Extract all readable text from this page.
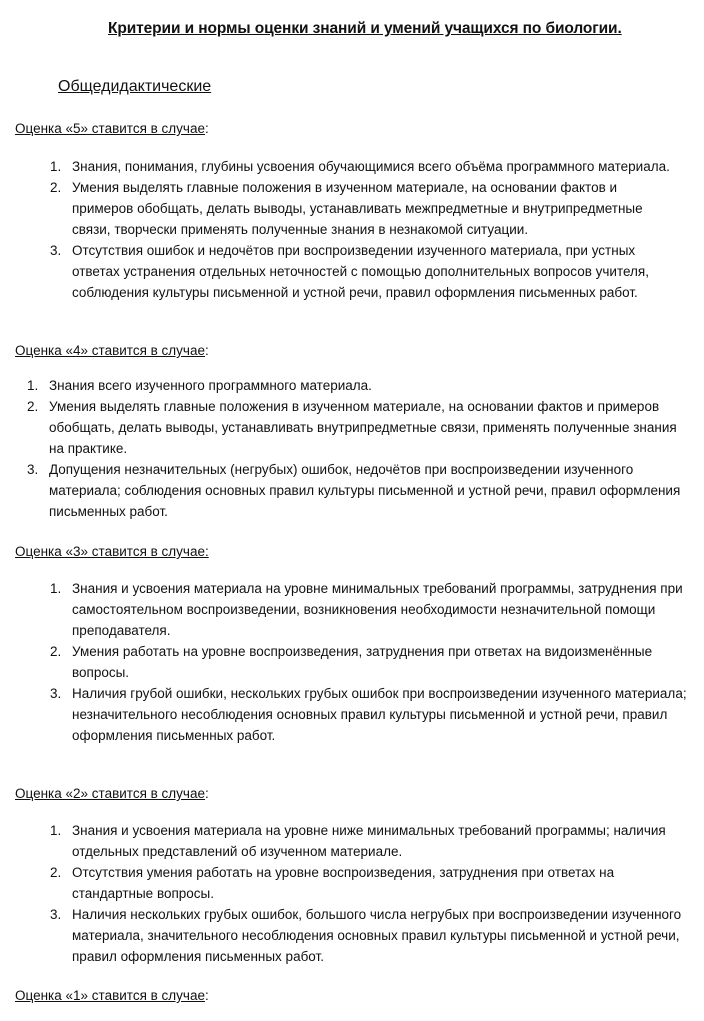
Критерии и нормы оценки знаний и умений учащихся по биологии.
Общедидактические
Оценка «5» ставится в случае:
1. Знания, понимания, глубины усвоения обучающимися всего объёма программного материала.
2. Умения выделять главные положения в изученном материале, на основании фактов и примеров обобщать, делать выводы, устанавливать межпредметные и внутрипредметные связи, творчески применять полученные знания в незнакомой ситуации.
3. Отсутствия ошибок и недочётов при воспроизведении изученного материала, при устных ответах устранения отдельных неточностей с помощью дополнительных вопросов учителя, соблюдения культуры письменной и устной речи, правил оформления письменных работ.
Оценка «4» ставится в случае:
1. Знания всего изученного программного материала.
2. Умения выделять главные положения в изученном материале, на основании фактов и примеров обобщать, делать выводы, устанавливать внутрипредметные связи, применять полученные знания на практике.
3. Допущения незначительных (негрубых) ошибок, недочётов при воспроизведении изученного материала; соблюдения основных правил культуры письменной и устной речи, правил оформления письменных работ.
Оценка «3» ставится в случае:
1. Знания и усвоения материала на уровне минимальных требований программы, затруднения при самостоятельном воспроизведении, возникновения необходимости незначительной помощи преподавателя.
2. Умения работать на уровне воспроизведения, затруднения при ответах на видоизменённые вопросы.
3. Наличия грубой ошибки, нескольких грубых ошибок при воспроизведении изученного материала; незначительного несоблюдения основных правил культуры письменной и устной речи, правил оформления письменных работ.
Оценка «2» ставится в случае:
1. Знания и усвоения материала на уровне ниже минимальных требований программы; наличия отдельных представлений об изученном материале.
2. Отсутствия умения работать на уровне воспроизведения, затруднения при ответах на стандартные вопросы.
3. Наличия нескольких грубых ошибок, большого числа негрубых при воспроизведении изученного материала, значительного несоблюдения основных правил культуры письменной и устной речи, правил оформления письменных работ.
Оценка «1» ставится в случае:
